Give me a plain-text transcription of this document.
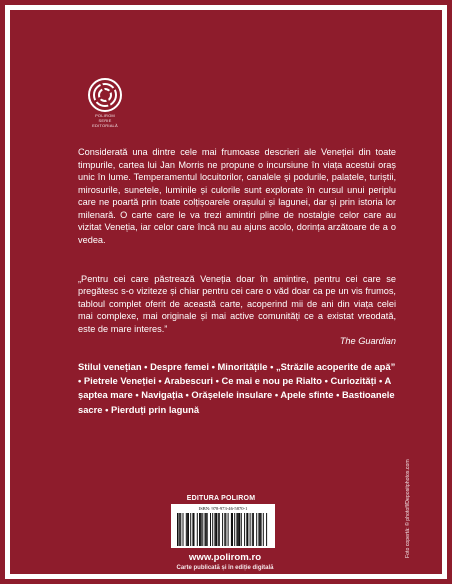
POLIROM
SERIE
EDITORIALĂ
Considerată una dintre cele mai frumoase descrieri ale Veneției din toate timpurile, cartea lui Jan Morris ne propune o incursiune în viața acestui oraș unic în lume. Temperamentul locuitorilor, canalele și podurile, palatele, turiștii, mirosurile, sunetele, luminile și culorile sunt explorate în cursul unui periplu care ne poartă prin toate colțișoarele orașului și lagunei, dar și prin istoria lor milenară. O carte care le va trezi amintiri pline de nostalgie celor care au vizitat Veneția, iar celor care încă nu au ajuns acolo, dorința arzătoare de a o vedea.
„Pentru cei care păstrează Veneția doar în amintire, pentru cei care se pregătesc s-o viziteze și chiar pentru cei care o văd doar ca pe un vis frumos, tabloul complet oferit de această carte, acoperind mii de ani din viața celei mai complexe, mai originale și mai active comunități ce a existat vreodată, este de mare interes.”
The Guardian
Stilul venețian • Despre femei • Minoritățile • „Străzile acoperite de apă” • Pietrele Veneției • Arabescuri • Ce mai e nou pe Rialto • Curiozități • A șaptea mare • Navigația • Orășelele insulare • Apele sfinte • Bastioanele sacre • Pierduți prin lagună
EDITURA POLIROM
ISBN: 978-973-46-5870-1
www.polirom.ro
Carte publicată și în ediție digitală
Foto copertă: © photofl/Depositphotos.com
